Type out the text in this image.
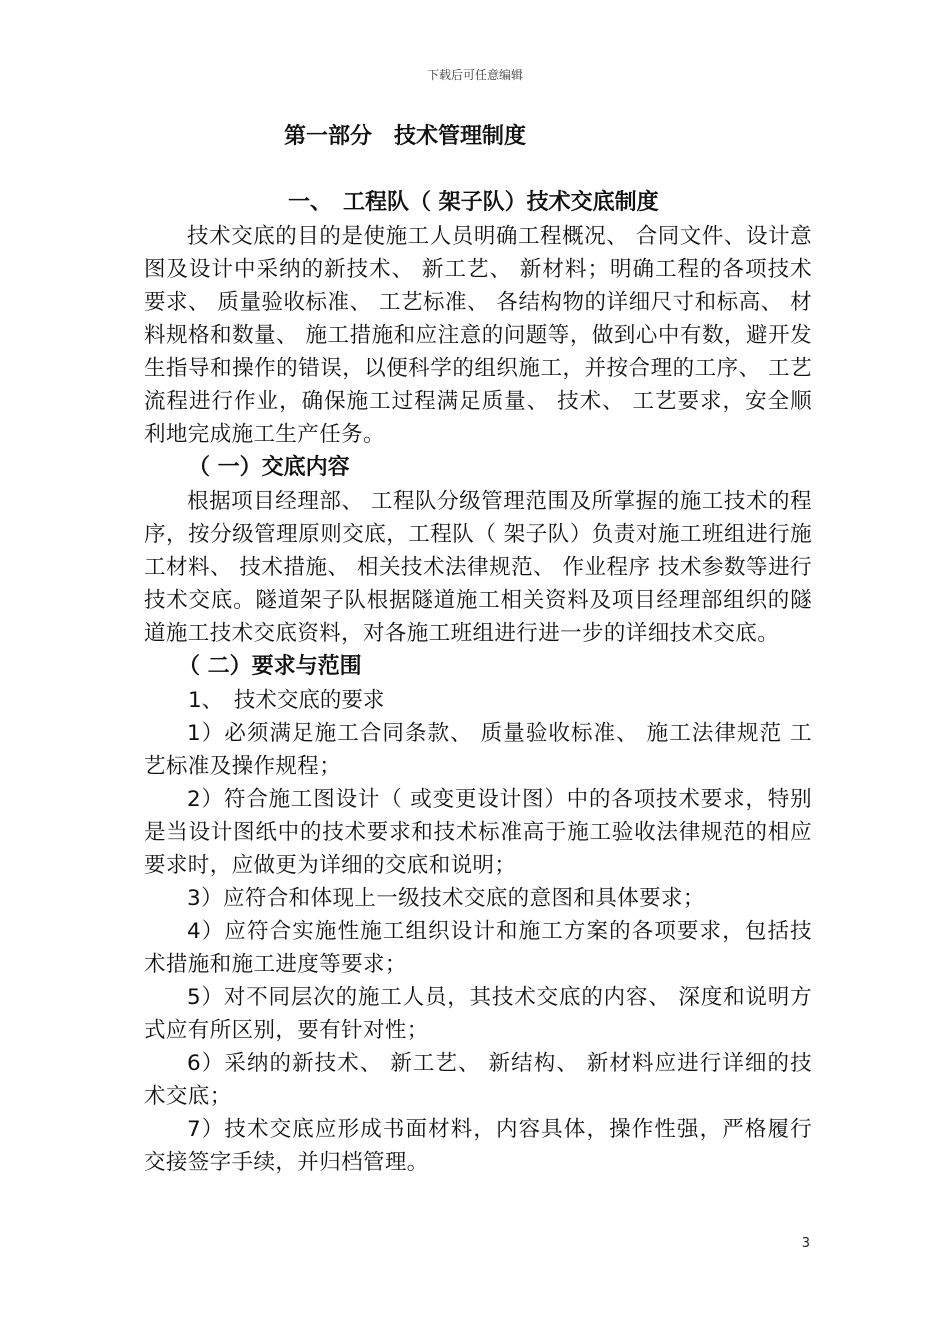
下载后可任意编辑
第一部分　技术管理制度
一、　工程队（ 架子队）技术交底制度

技术交底的目的是使施工人员明确工程概况、 合同文件、设计意图及设计中采纳的新技术、 新工艺、 新材料；明确工程的各项技术要求、 质量验收标准、 工艺标准、 各结构物的详细尺寸和标高、 材料规格和数量、 施工措施和应注意的问题等，做到心中有数，避开发生指导和操作的错误，以便科学的组织施工，并按合理的工序、 工艺流程进行作业，确保施工过程满足质量、 技术、 工艺要求，安全顺利地完成施工生产任务。

（ 一）交底内容

根据项目经理部、 工程队分级管理范围及所掌握的施工技术的程序，按分级管理原则交底，工程队（ 架子队）负责对施工班组进行施工材料、 技术措施、 相关技术法律规范、 作业程序 技术参数等进行技术交底。隧道架子队根据隧道施工相关资料及项目经理部组织的隧道施工技术交底资料，对各施工班组进行进一步的详细技术交底。

（ 二）要求与范围
1、　技术交底的要求

1）必须满足施工合同条款、 质量验收标准、 施工法律规范 工艺标准及操作规程；

2）符合施工图设计（ 或变更设计图）中的各项技术要求，特别是当设计图纸中的技术要求和技术标准高于施工验收法律规范的相应要求时，应做更为详细的交底和说明；

3）应符合和体现上一级技术交底的意图和具体要求；

4）应符合实施性施工组织设计和施工方案的各项要求，包括技术措施和施工进度等要求；

5）对不同层次的施工人员，其技术交底的内容、 深度和说明方式应有所区别，要有针对性；

6）采纳的新技术、 新工艺、 新结构、 新材料应进行详细的技术交底；

7）技术交底应形成书面材料，内容具体，操作性强，严格履行交接签字手续，并归档管理。

3
